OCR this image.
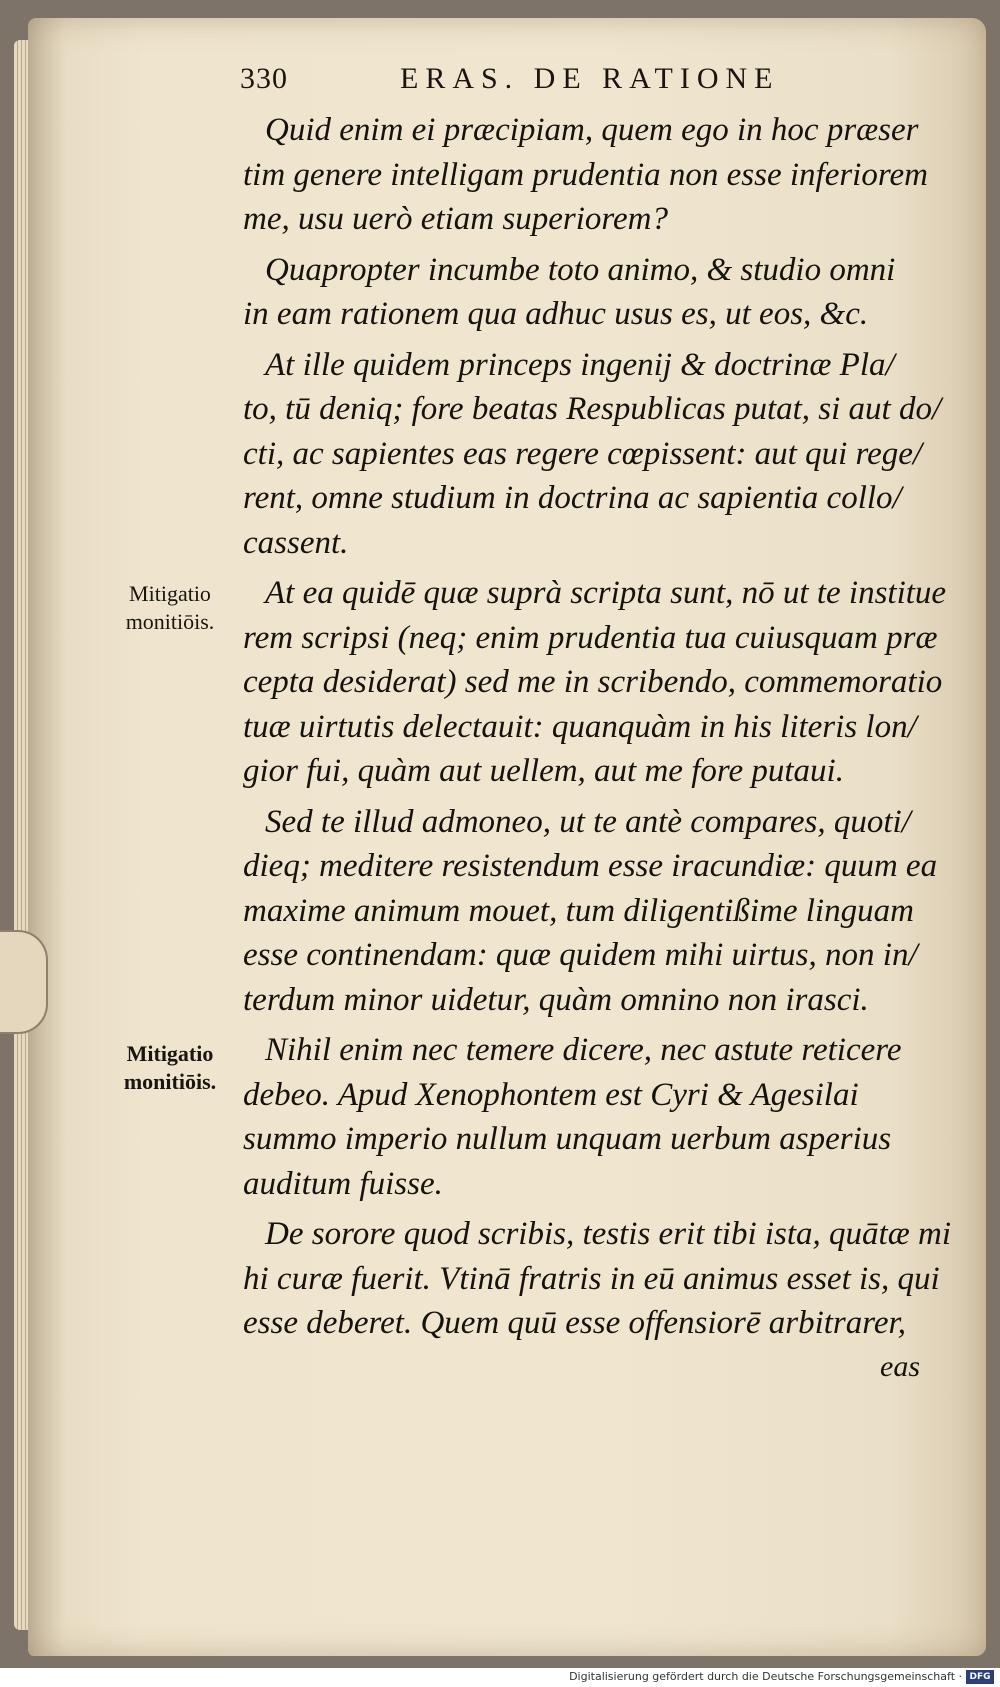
330	ERAS. DE RATIONE
Mitigatio
monitiōis.
Mitigatio
monitiōis.

Quid enim ei præcipiam, quem ego in hoc præser
tim genere intelligam prudentia non esse inferiorem
me, usu uerò etiam superiorem?

Quapropter incumbe toto animo, & studio omni
in eam rationem qua adhuc usus es, ut eos, &c.

At ille quidem princeps ingenij & doctrinæ Pla/
to, tū deniq; fore beatas Respublicas putat, si aut do/
cti, ac sapientes eas regere cœpissent: aut qui rege/
rent, omne studium in doctrina ac sapientia collo/
cassent.

At ea quidē quæ suprà scripta sunt, nō ut te institue
rem scripsi (neq; enim prudentia tua cuiusquam præ
cepta desiderat) sed me in scribendo, commemoratio
tuæ uirtutis delectauit: quanquàm in his literis lon/
gior fui, quàm aut uellem, aut me fore putaui.

Sed te illud admoneo, ut te antè compares, quoti/
dieq; meditere resistendum esse iracundiæ: quum ea
maxime animum mouet, tum diligentißime linguam
esse continendam: quæ quidem mihi uirtus, non in/
terdum minor uidetur, quàm omnino non irasci.

Nihil enim nec temere dicere, nec astute reticere
debeo. Apud Xenophontem est Cyri & Agesilai
summo imperio nullum unquam uerbum asperius
auditum fuisse.

De sorore quod scribis, testis erit tibi ista, quātæ mi
hi curæ fuerit. Vtinā fratris in eū animus esset is, qui
esse deberet. Quem quū esse offensiorē arbitrarer,

eas
Digitalisierung gefördert durch die Deutsche Forschungsgemeinschaft · DFG
